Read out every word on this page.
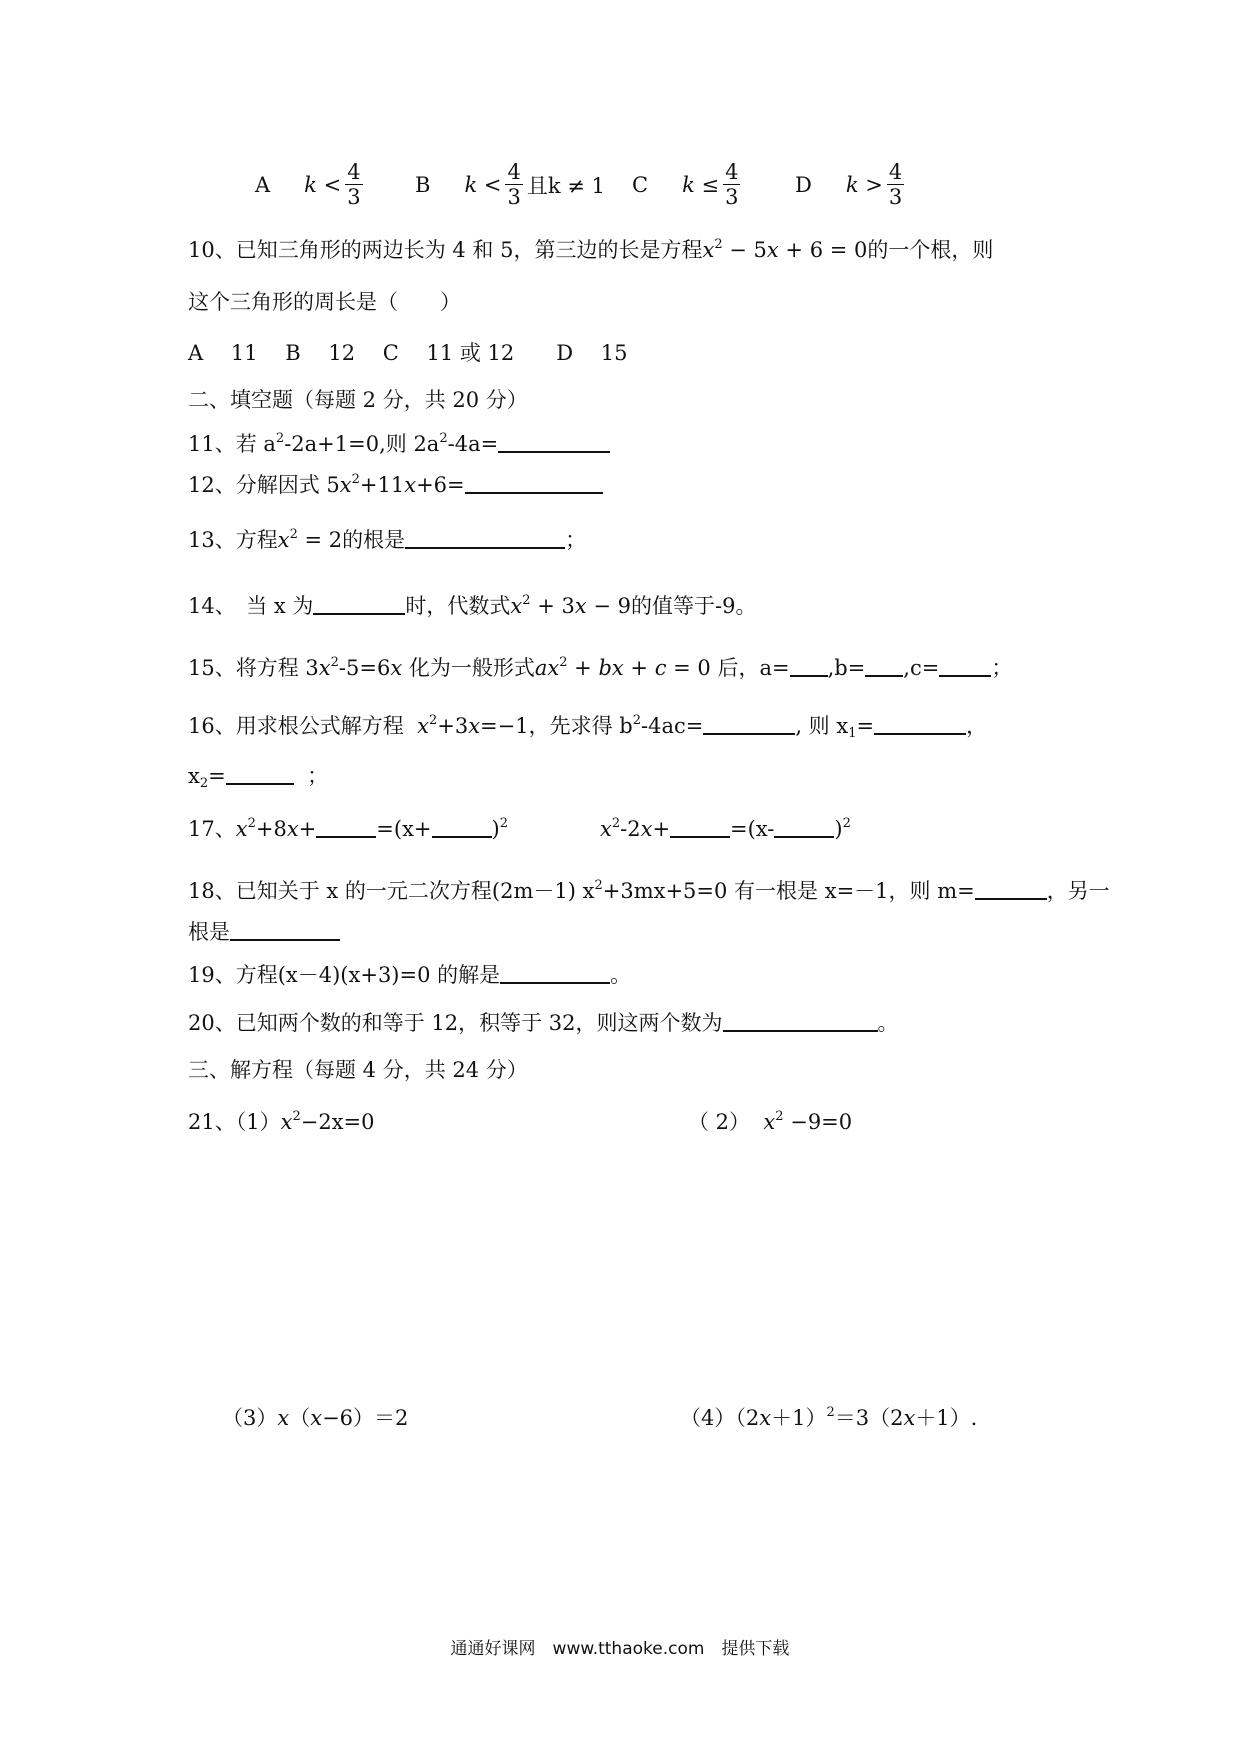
A k
< $\frac{4}{3}$ B k
< $\frac{4}{3}$ 且k ≠ 1 C k
≤ $\frac{4}{3}$	D k
> $\frac{4}{3}$
10、已知三角形的两边长为 4 和 5，第三边的长是方程$x^2 - 5x + 6 = 0$的一个根，则
这个三角形的周长是（　　）
A　 11　 B　 12　 C　 11 或 12　　D　 15
二、填空题（每题 2 分，共 20 分）
11、若 $a^2-2a+1=0$,则 $2a^2-4a=$
12、分解因式 $5x^2+11x+6=$
13、方程$x^2 = 2$的根是	；
14、　当 x 为	时，代数式$x^2 + 3x - 9$的值等于-9。
15、将方程 $3x^2-5=6x$ 化为一般形式$ax^2$ + bx + c = 0 后，a= ,b= ,c= ；
16、用求根公式解方程 $x^2+3x=-1$，先求得 $b^2-4ac=$	, 则 $x_1=$	，
$x_2=$	；
17、$x^2+8x+$	=(x+	)$^2$	$x^2-2x+$	=(x-	)$^2$
18、已知关于 x 的一元二次方程(2m－1) $x^2+3mx+5=0$ 有一根是 x=－1，则 m=	，另一
根是
19、方程(x－4)(x+3)=0 的解是	。
20、已知两个数的和等于 12，积等于 32，则这两个数为	。
三、解方程（每题 4 分，共 24 分）
21、$(1)x^2-2x=0$	（ 2） $x^2 -9=0$
（3）x（x−6）＝2	$(4)(2x+1)^2=3(2x+1)$.
通通好课网　www.tthaoke.com　提供下载
